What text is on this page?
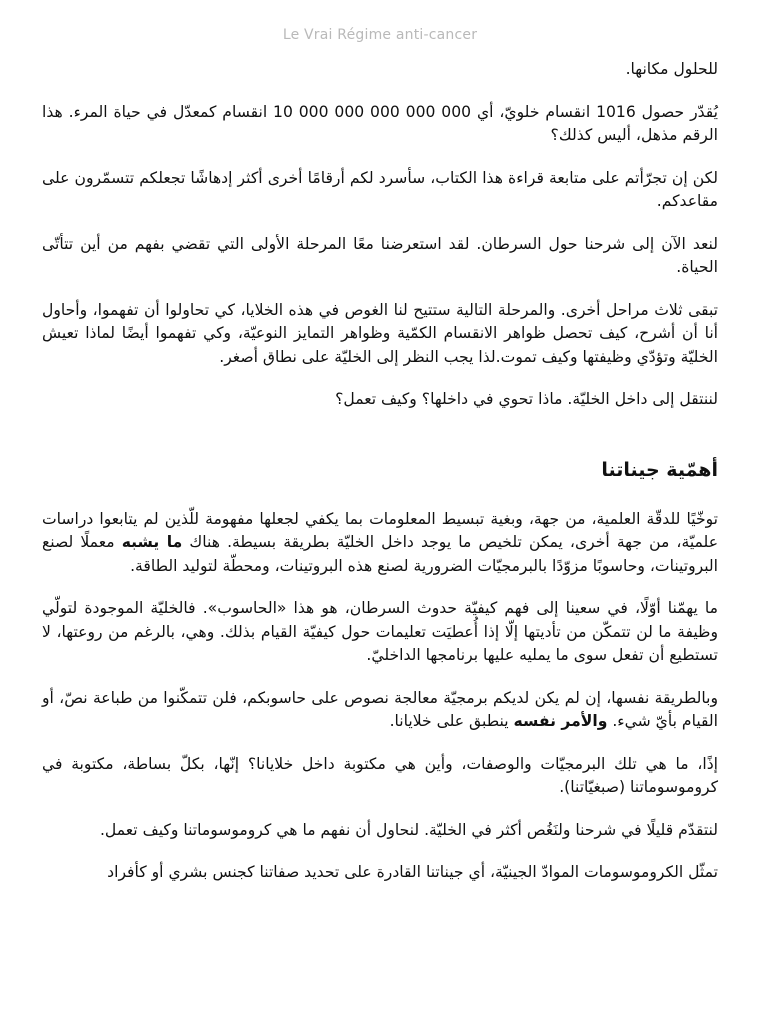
Le Vrai Régime anti-cancer

للحلول مكانها.

يُقدّر حصول 1016 انقسام خلويّ، أي 10 000 000 000 000 000 انقسام كمعدّل في حياة المرء. هذا الرقم مذهل، أليس كذلك؟

لكن إن تجرّأتم على متابعة قراءة هذا الكتاب، سأسرد لكم أرقامًا أخرى أكثر إدهاشًا تجعلكم تتسمّرون على مقاعدكم.

لنعد الآن إلى شرحنا حول السرطان. لقد استعرضنا معًا المرحلة الأولى التي تقضي بفهم من أين تتأتّى الحياة.

تبقى ثلاث مراحل أخرى. والمرحلة التالية ستتيح لنا الغوص في هذه الخلايا، كي تحاولوا أن تفهموا، وأحاول أنا أن أشرح، كيف تحصل ظواهر الانقسام الكمّية وظواهر التمايز النوعيّة، وكي تفهموا أيضًا لماذا تعيش الخليّة وتؤدّي وظيفتها وكيف تموت.لذا يجب النظر إلى الخليّة على نطاق أصغر.

لننتقل إلى داخل الخليّة. ماذا تحوي في داخلها؟ وكيف تعمل؟

أهمّية جيناتنا

توخّيًا للدقّة العلمية، من جهة، وبغية تبسيط المعلومات بما يكفي لجعلها مفهومة للّذين لم يتابعوا دراسات علميّة، من جهة أخرى، يمكن تلخيص ما يوجد داخل الخليّة بطريقة بسيطة. هناك ما يشبه معملًا لصنع البروتينات، وحاسوبًا مزوّدًا بالبرمجيّات الضرورية لصنع هذه البروتينات، ومحطّة لتوليد الطاقة.

ما يهمّنا أوّلًا، في سعينا إلى فهم كيفيّة حدوث السرطان، هو هذا «الحاسوب». فالخليّة الموجودة لتولّي وظيفة ما لن تتمكّن من تأديتها إلّا إذا أُعطيَت تعليمات حول كيفيّة القيام بذلك. وهي، بالرغم من روعتها، لا تستطيع أن تفعل سوى ما يمليه عليها برنامجها الداخليّ.

وبالطريقة نفسها، إن لم يكن لديكم برمجيّة معالجة نصوص على حاسوبكم، فلن تتمكّنوا من طباعة نصّ، أو القيام بأيّ شيء. والأمر نفسه ينطبق على خلايانا.

إذًا، ما هي تلك البرمجيّات والوصفات، وأين هي مكتوبة داخل خلايانا؟ إنّها، بكلّ بساطة، مكتوبة في كروموسوماتنا (صبغيّاتنا).

لنتقدّم قليلًا في شرحنا ولنَغُص أكثر في الخليّة. لنحاول أن نفهم ما هي كروموسوماتنا وكيف تعمل.

تمثّل الكروموسومات الموادّ الجينيّة، أي جيناتنا القادرة على تحديد صفاتنا كجنس بشري أو كأفراد
